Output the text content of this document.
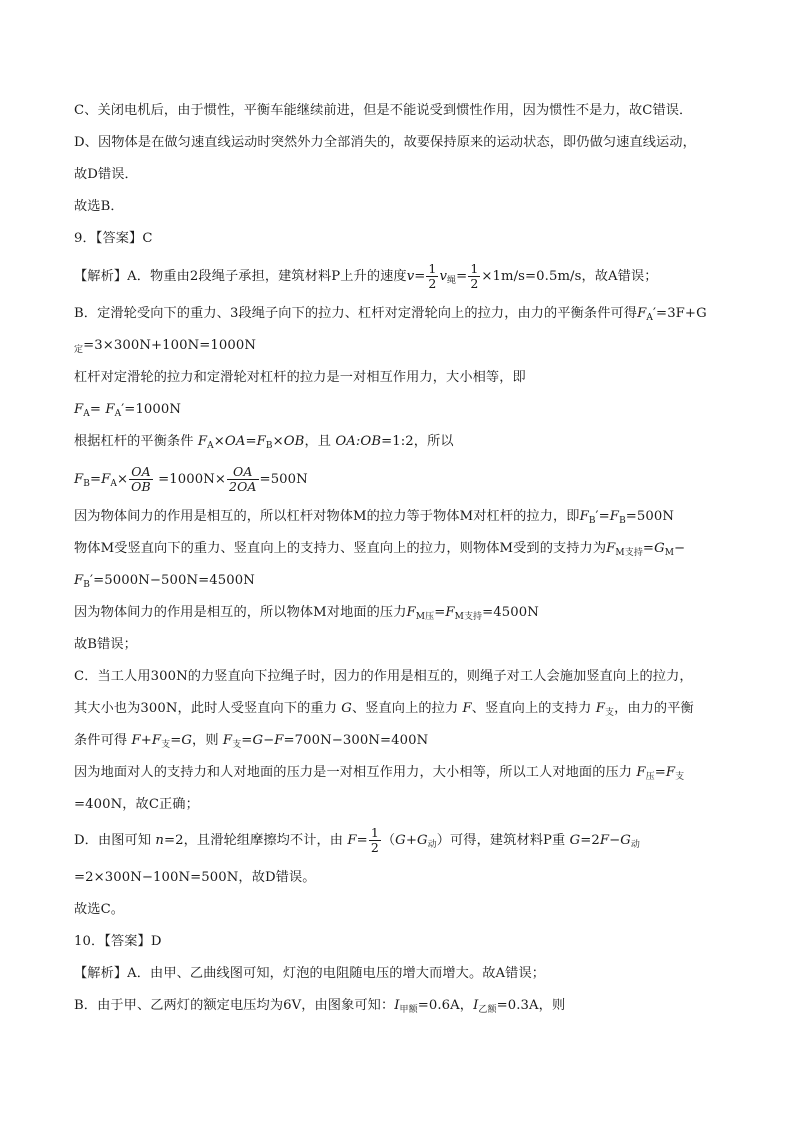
C、关闭电机后，由于惯性，平衡车能继续前进，但是不能说受到惯性作用，因为惯性不是力，故C错误．
D、因物体是在做匀速直线运动时突然外力全部消失的，故要保持原来的运动状态，即仍做匀速直线运动，
故D错误．
故选B．
9．【答案】C
【解析】A．物重由2段绳子承担，建筑材料P上升的速度$v= \frac{1}{2} v_绳= \frac{1}{2} \times 1m/s=0.5m/s$，故A错误；
B．定滑轮受向下的重力、3段绳子向下的拉力、杠杆对定滑轮向上的拉力，由力的平衡条件可得$F_A'=3F+G$
$_定$=3×300N+100N=1000N
杠杆对定滑轮的拉力和定滑轮对杠杆的拉力是一对相互作用力，大小相等，即
$F_A= F_A'=1000N$
根据杠杆的平衡条件 $F_A\times OA=F_B\times OB$，且 OA:OB=1:2，所以
$F_B=F_A\times \frac{OA}{OB} =1000N\times \frac{OA}{2OA} =500N$
因为物体间力的作用是相互的，所以杠杆对物体M的拉力等于物体M对杠杆的拉力，即$F_B'=F_B=500N$
物体M受竖直向下的重力、竖直向上的支持力、竖直向上的拉力，则物体M受到的支持力为$F_{M支持}=G_M-$
$F_B'=5000N-500N=4500N$
因为物体间力的作用是相互的，所以物体M对地面的压力$F_{M压}=F_{M支持}=4500N$
故B错误；
C．当工人用300N的力竖直向下拉绳子时，因力的作用是相互的，则绳子对工人会施加竖直向上的拉力，
其大小也为300N，此时人受竖直向下的重力 G、竖直向上的拉力 F、竖直向上的支持力 $F_支$，由力的平衡
条件可得 $F+F_支=G$，则 $F_支=G-F=700N-300N=400N$
因为地面对人的支持力和人对地面的压力是一对相互作用力，大小相等，所以工人对地面的压力 $F_压=F_支$
=400N，故C正确；
D．由图可知 n=2，且滑轮组摩擦均不计，由 $F= \frac{1}{2} (G+G_动)$可得，建筑材料P重 $G=2F-G_动$
=2×300N−100N=500N，故D错误。
故选C。
10．【答案】D
【解析】A．由甲、乙曲线图可知，灯泡的电阻随电压的增大而增大。故A错误；
B．由于甲、乙两灯的额定电压均为6V，由图象可知：$I_{甲额}=0.6A$，$I_{乙额}=0.3A$，则
